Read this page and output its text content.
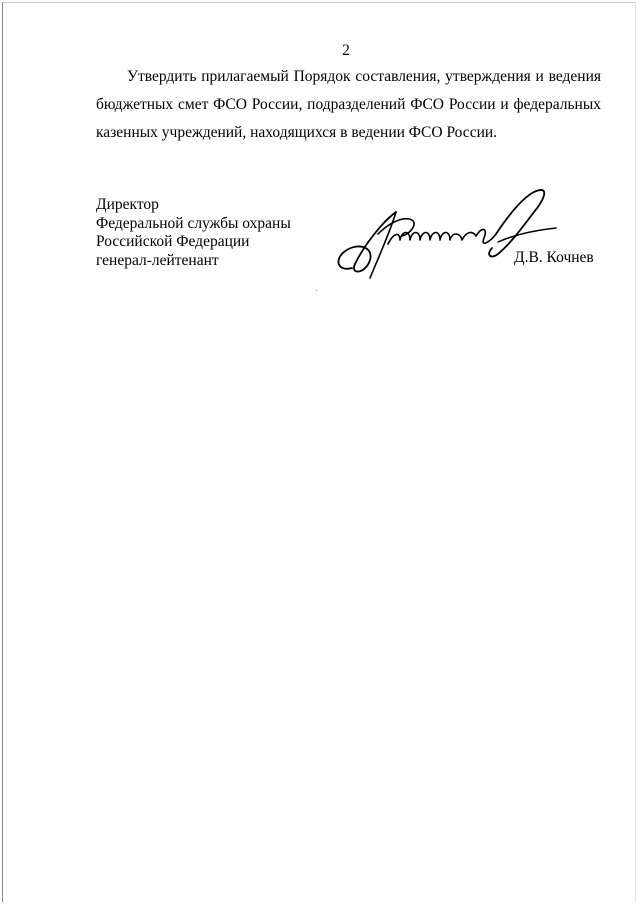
2

Утвердить прилагаемый Порядок составления, утверждения и ведения бюджетных смет ФСО России, подразделений ФСО России и федеральных казенных учреждений, находящихся в ведении ФСО России.

Директор
Федеральной службы охраны
Российской Федерации
генерал-лейтенант	Д.В. Кочнев
